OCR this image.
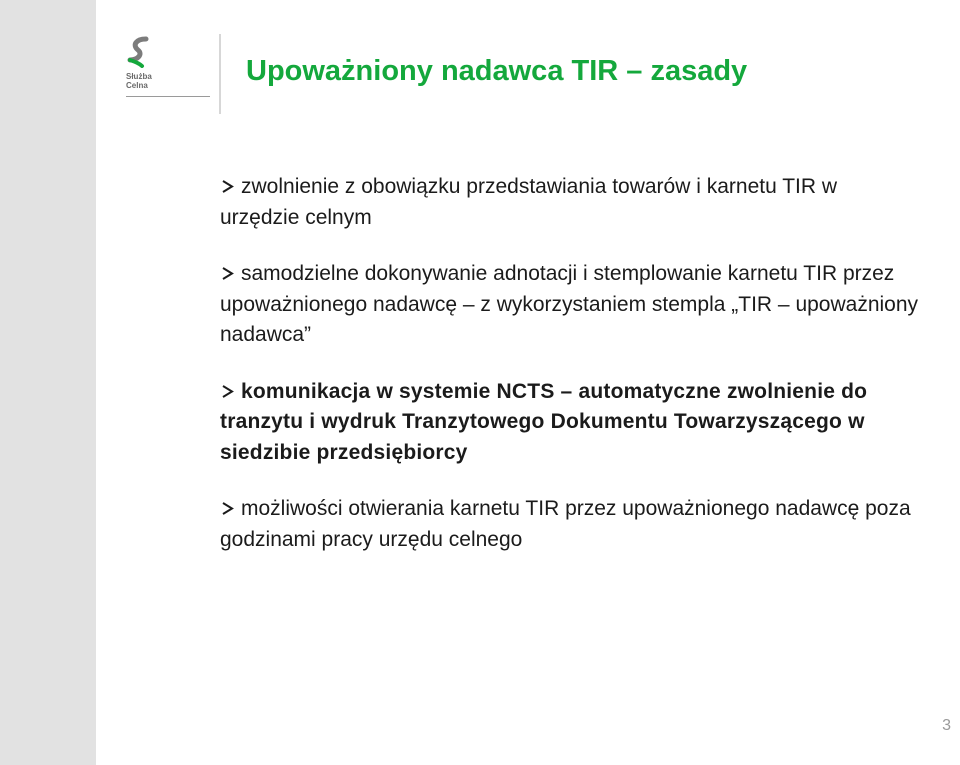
Służba
Celna	Upoważniony nadawca TIR – zasady

zwolnienie z obowiązku przedstawiania towarów i karnetu TIR w urzędzie celnym

samodzielne dokonywanie adnotacji i stemplowanie karnetu TIR przez upoważnionego nadawcę – z wykorzystaniem stempla „TIR – upoważniony nadawca”

komunikacja w systemie NCTS – automatyczne zwolnienie do tranzytu i wydruk Tranzytowego Dokumentu Towarzyszącego w siedzibie przedsiębiorcy

możliwości otwierania karnetu TIR przez upoważnionego nadawcę poza godzinami pracy urzędu celnego

3
